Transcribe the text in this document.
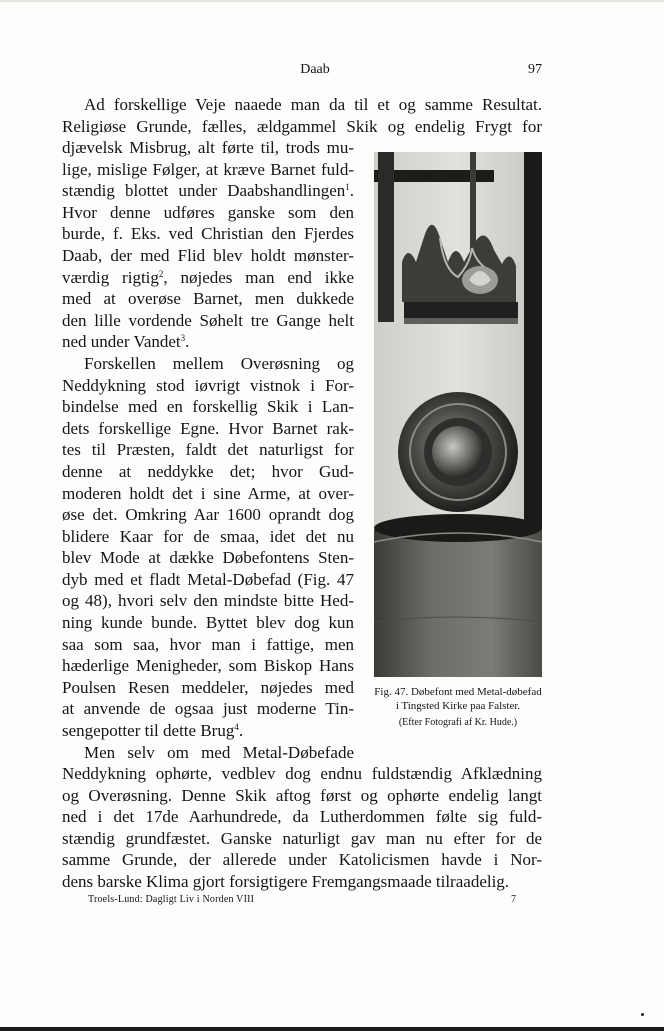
Daab	97
Ad forskellige Veje naaede man da til et og samme Resultat.
Religiøse Grunde, fælles, ældgammel Skik og endelig Frygt for
djævelsk Misbrug, alt førte til, trods mu-
lige, mislige Følger, at kræve Barnet fuld-
stændig blottet under Daabshandlingen$^1$.
Hvor denne udføres ganske som den
burde, f. Eks. ved Christian den Fjerdes
Daab, der med Flid blev holdt mønster-
værdig rigtig$^2$, nøjedes man end ikke
med at overøse Barnet, men dukkede
den lille vordende Søhelt tre Gange helt
ned under Vandet$^3$.
Forskellen mellem Overøsning og
Neddykning stod iøvrigt vistnok i For-
bindelse med en forskellig Skik i Lan-
dets forskellige Egne. Hvor Barnet rak-
tes til Præsten, faldt det naturligst for
denne at neddykke det; hvor Gud-
moderen holdt det i sine Arme, at over-
øse det. Omkring Aar 1600 oprandt dog
blidere Kaar for de smaa, idet det nu
blev Mode at dække Døbefontens Sten-
dyb med et fladt Metal-Døbefad (Fig. 47
og 48), hvori selv den mindste bitte Hed-
ning kunde bunde. Byttet blev dog kun
saa som saa, hvor man i fattige, men
hæderlige Menigheder, som Biskop Hans
Poulsen Resen meddeler, nøjedes med
at anvende de ogsaa just moderne Tin-
sengepotter til dette Brug$^4$.
Men selv om med Metal-Døbefade
Neddykning ophørte, vedblev dog endnu fuldstændig Afklædning
og Overøsning. Denne Skik aftog først og ophørte endelig langt
ned i det 17de Aarhundrede, da Lutherdommen følte sig fuld-
stændig grundfæstet. Ganske naturligt gav man nu efter for de
samme Grunde, der allerede under Katolicismen havde i Nor-
dens barske Klima gjort forsigtigere Fremgangsmaade tilraadelig.
Fig. 47. Døbefont med Metal-døbefad i Tingsted Kirke paa Falster.
(Efter Fotografi af Kr. Hude.)
Troels-Lund: Dagligt Liv i Norden VIII	7
